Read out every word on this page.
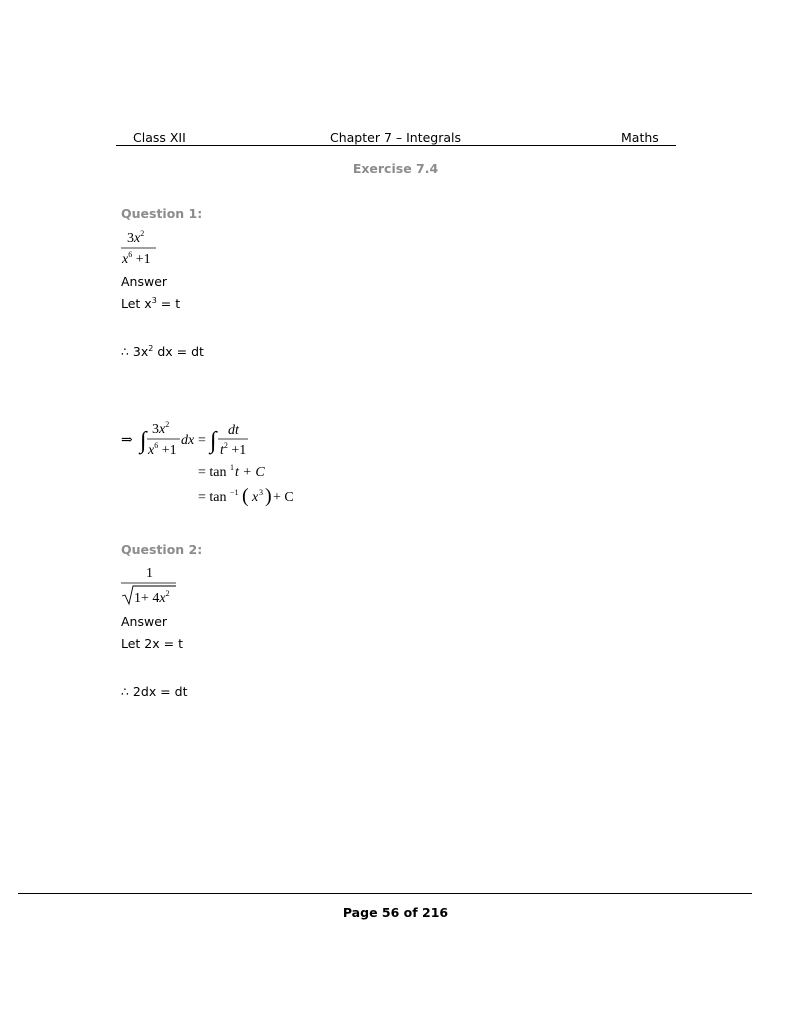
Class XII	Chapter 7 – Integrals	Maths
Exercise 7.4
Question 1:
$3x^2$
$x^6 +1$
Answer
Let $x^3 = t$
∴ $3x^2$ dx = dt
⇒ ∫ $3x^2$
$x^6 +1$
dx = ∫ dt
$t^2 +1$
= tan 1 t + C
= tan −1 ( x 3 ) + C
Question 2:
1
$1+ 4x^2$
Answer
Let 2x = t
∴ 2dx = dt
Page 56 of 216
